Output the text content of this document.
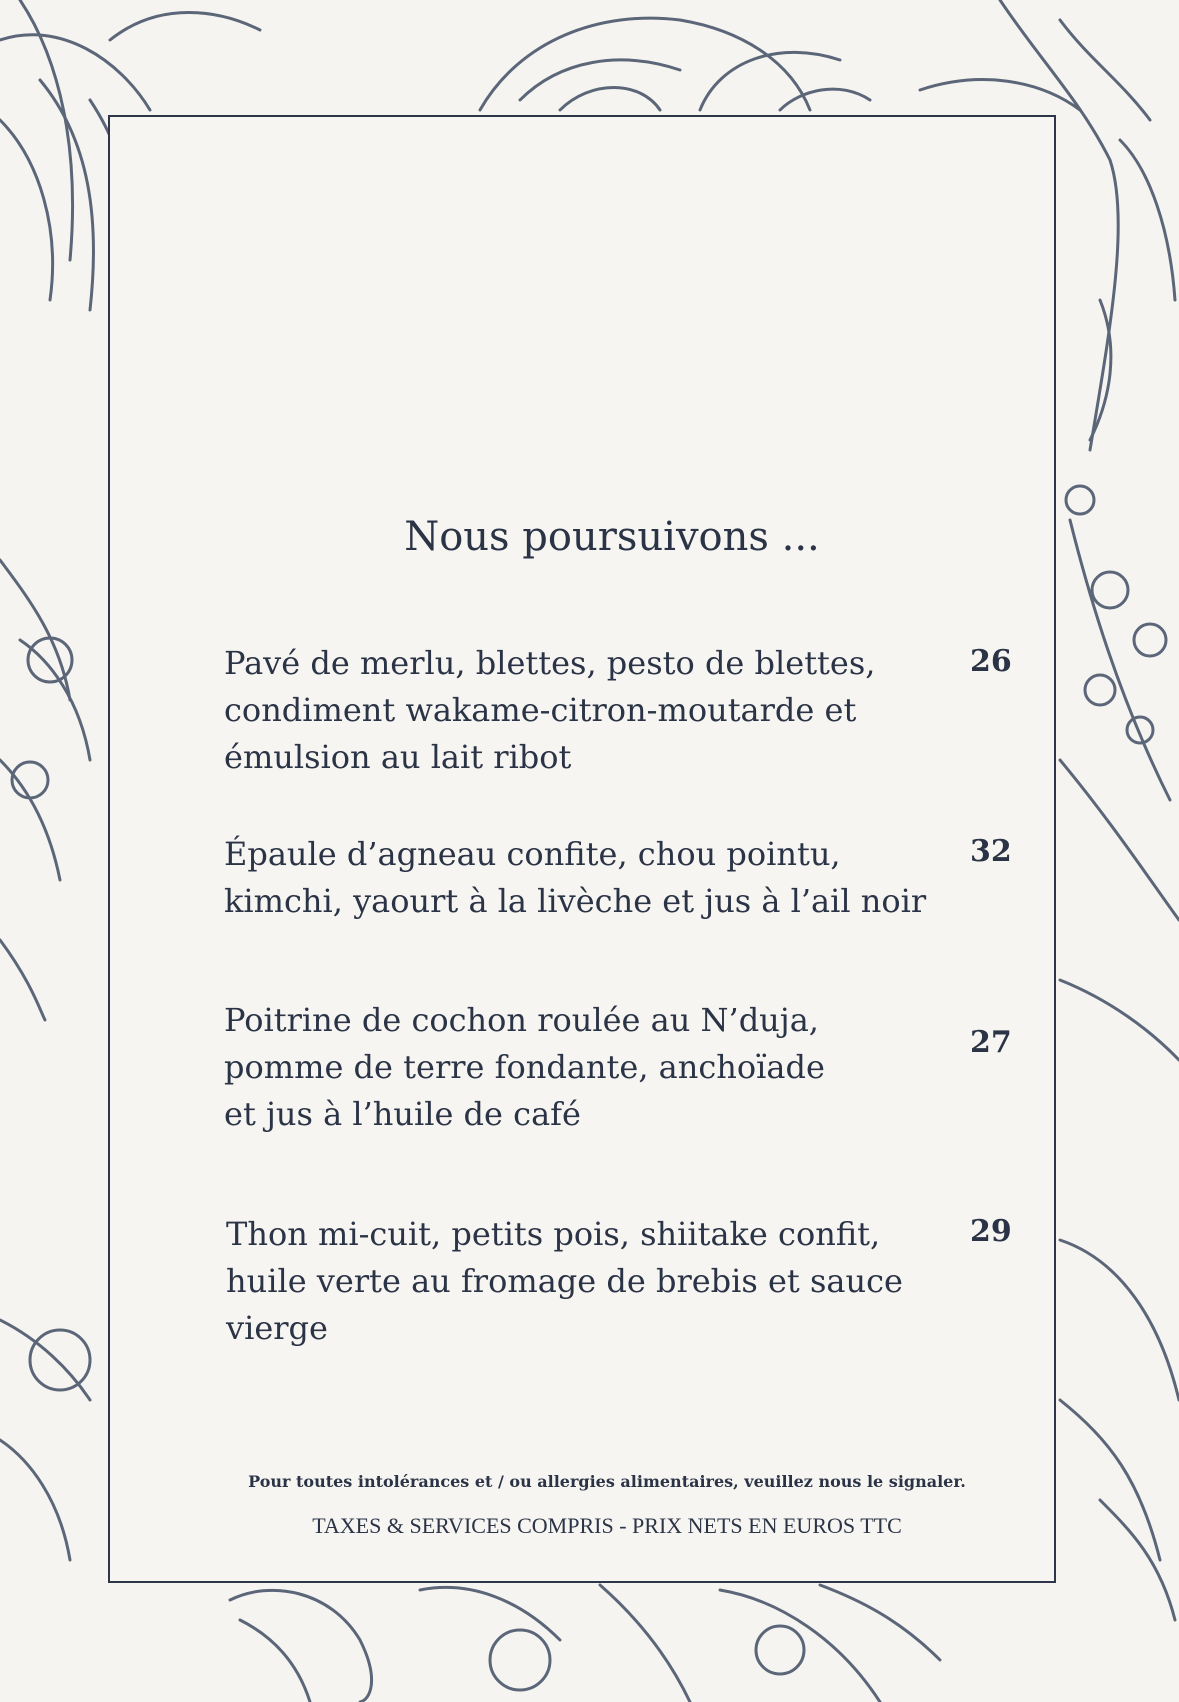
Nous poursuivons ...
Pavé de merlu, blettes, pesto de blettes,
condiment wakame-citron-moutarde et
émulsion au lait ribot
26
Épaule d’agneau confite, chou pointu,
kimchi, yaourt à la livèche et jus à l’ail noir
32
Poitrine de cochon roulée au N’duja,
pomme de terre fondante, anchoïade
et jus à l’huile de café
27
Thon mi-cuit, petits pois, shiitake confit,
huile verte au fromage de brebis et sauce
vierge
29
Pour toutes intolérances et / ou allergies alimentaires, veuillez nous le signaler.
TAXES & SERVICES COMPRIS - PRIX NETS EN EUROS TTC
